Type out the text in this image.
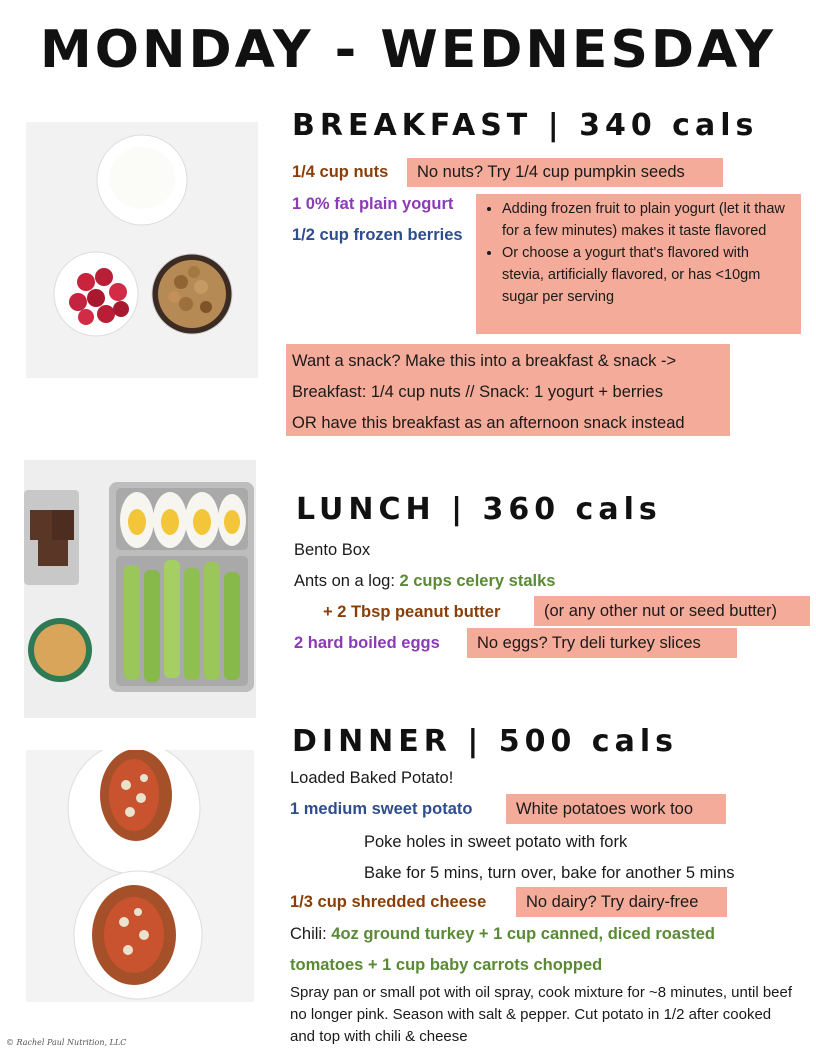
MONDAY - WEDNESDAY
BREAKFAST | 340 cals
1/4 cup nuts	No nuts? Try 1/4 cup pumpkin seeds
1 0% fat plain yogurt
1/2 cup frozen berries
• Adding frozen fruit to plain yogurt (let it thaw for a few minutes) makes it taste flavored
• Or choose a yogurt that's flavored with stevia, artificially flavored, or has <10gm sugar per serving
Want a snack? Make this into a breakfast & snack ->
Breakfast: 1/4 cup nuts // Snack: 1 yogurt + berries
OR have this breakfast as an afternoon snack instead
LUNCH | 360 cals
Bento Box
Ants on a log: 2 cups celery stalks
+ 2 Tbsp peanut butter	(or any other nut or seed butter)
2 hard boiled eggs	No eggs? Try deli turkey slices
DINNER | 500 cals
Loaded Baked Potato!
1 medium sweet potato	White potatoes work too
Poke holes in sweet potato with fork
Bake for 5 mins, turn over, bake for another 5 mins
1/3 cup shredded cheese	No dairy? Try dairy-free
Chili: 4oz ground turkey + 1 cup canned, diced roasted
tomatoes + 1 cup baby carrots chopped
Spray pan or small pot with oil spray, cook mixture for ~8 minutes, until beef no longer pink. Season with salt & pepper. Cut potato in 1/2 after cooked and top with chili & cheese
© Rachel Paul Nutrition, LLC
